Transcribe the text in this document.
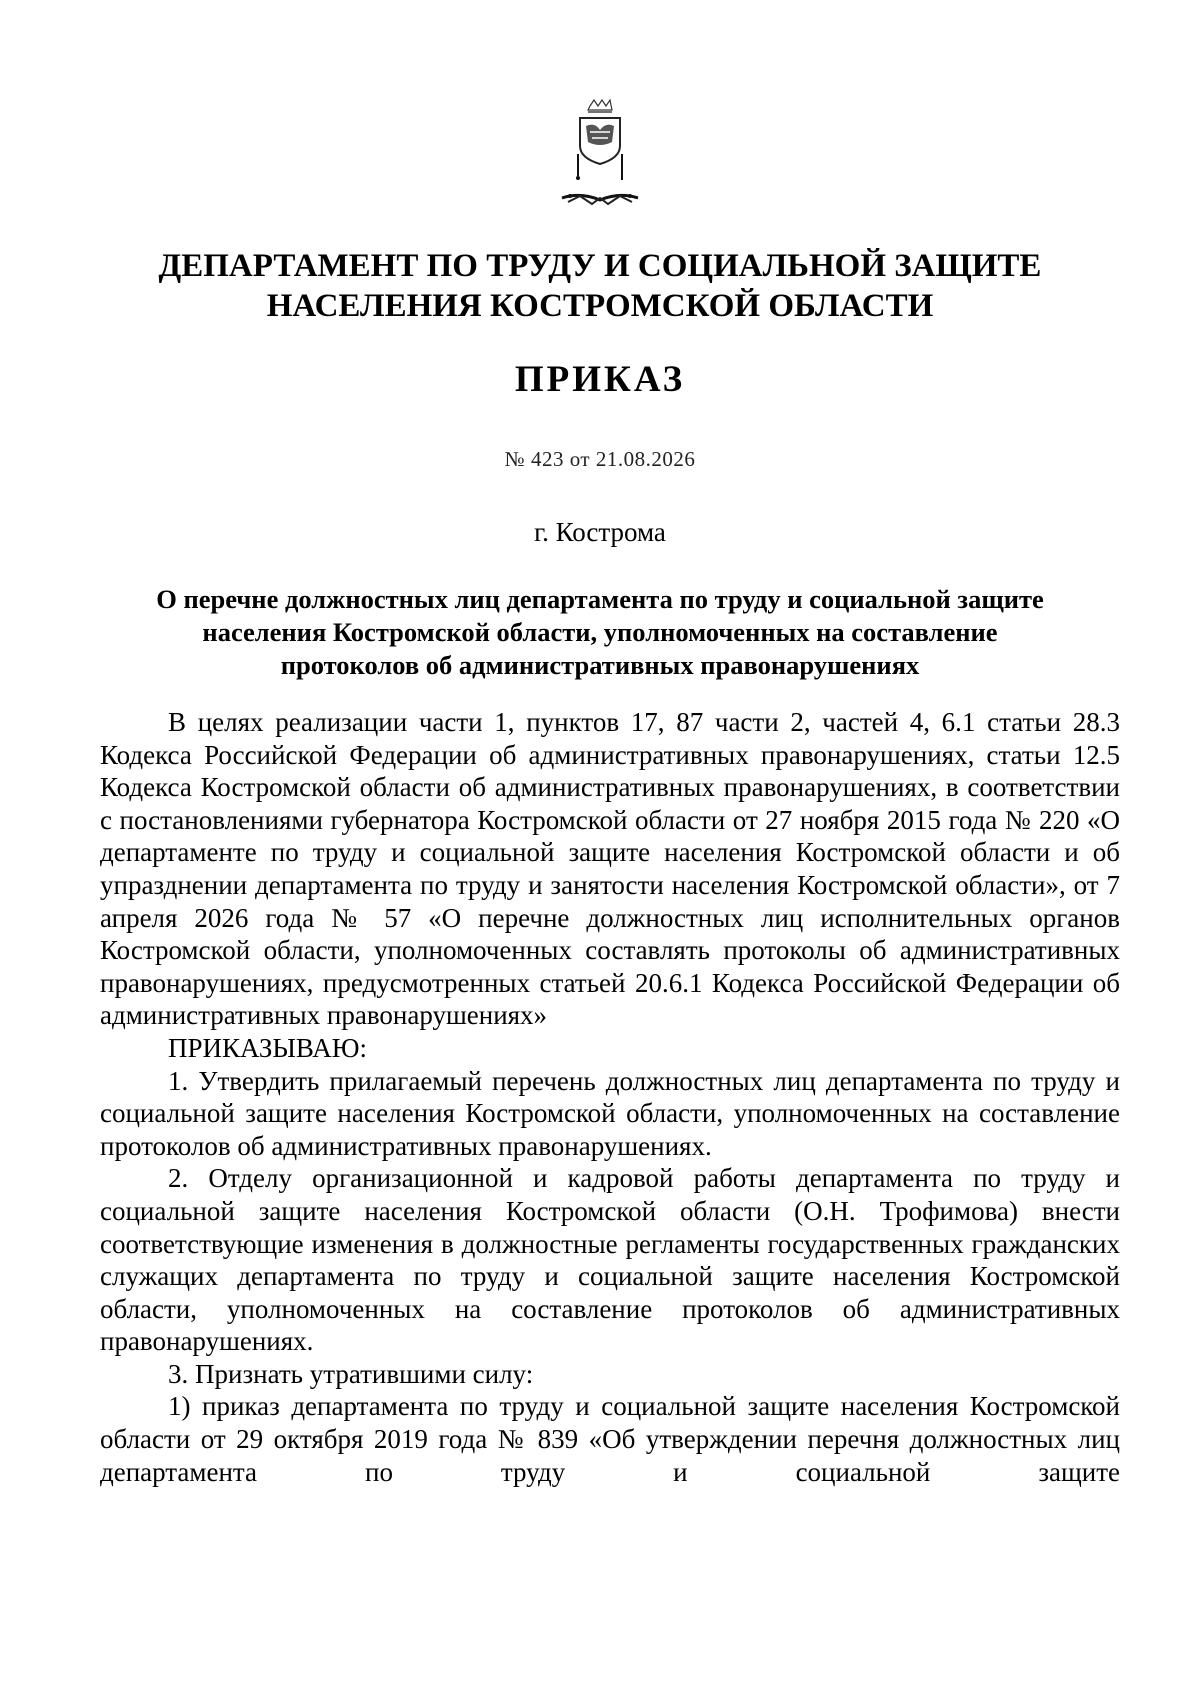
ДЕПАРТАМЕНТ ПО ТРУДУ И СОЦИАЛЬНОЙ ЗАЩИТЕ
НАСЕЛЕНИЯ КОСТРОМСКОЙ ОБЛАСТИ
ПРИКАЗ
№ 423 от 21.08.2026
г. Кострома
О перечне должностных лиц департамента по труду и социальной защите
населения Костромской области, уполномоченных на составление
протоколов об административных правонарушениях

В целях реализации части 1, пунктов 17, 87 части 2, частей 4, 6.1 статьи 28.3 Кодекса Российской Федерации об административных правонарушениях, статьи 12.5 Кодекса Костромской области об административных правонарушениях, в соответствии с постановлениями губернатора Костромской области от 27 ноября 2015 года № 220 «О департаменте по труду и социальной защите населения Костромской области и об упразднении департамента по труду и занятости населения Костромской области», от 7 апреля 2026 года № 57 «О перечне должностных лиц исполнительных органов Костромской области, уполномоченных составлять протоколы об административных правонарушениях, предусмотренных статьей 20.6.1 Кодекса Российской Федерации об административных правонарушениях»

ПРИКАЗЫВАЮ:

1. Утвердить прилагаемый перечень должностных лиц департамента по труду и социальной защите населения Костромской области, уполномоченных на составление протоколов об административных правонарушениях.

2. Отделу организационной и кадровой работы департамента по труду и социальной защите населения Костромской области (О.Н. Трофимова) внести соответствующие изменения в должностные регламенты государственных гражданских служащих департамента по труду и социальной защите населения Костромской области, уполномоченных на составление протоколов об административных правонарушениях.

3. Признать утратившими силу:

1) приказ департамента по труду и социальной защите населения Костромской области от 29 октября 2019 года № 839 «Об утверждении перечня должностных лиц департамента по труду и социальной защите
